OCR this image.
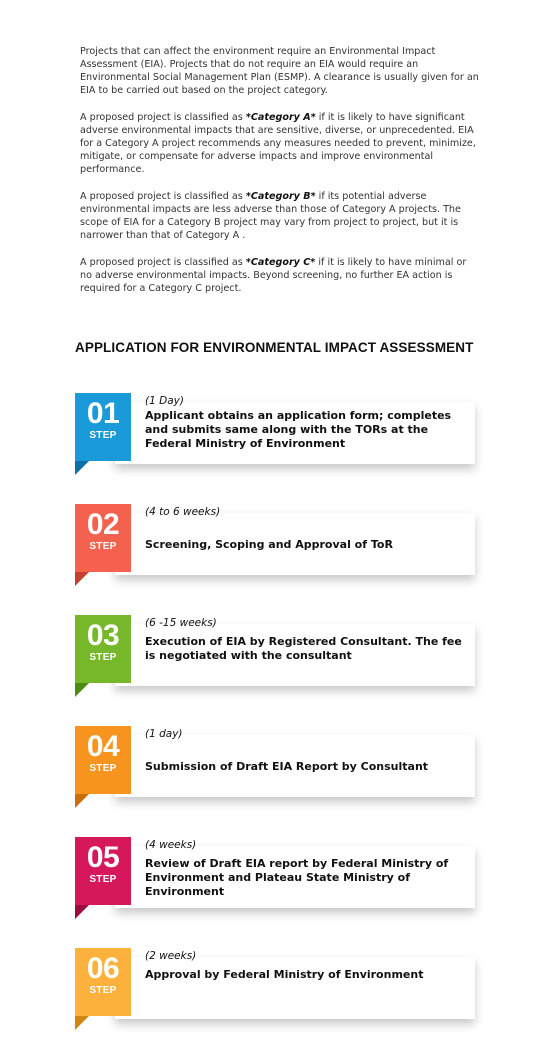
Projects that can affect the environment require an Environmental Impact Assessment (EIA). Projects that do not require an EIA would require an Environmental Social Management Plan (ESMP). A clearance is usually given for an EIA to be carried out based on the project category.

A proposed project is classified as *Category A* if it is likely to have significant adverse environmental impacts that are sensitive, diverse, or unprecedented. EIA for a Category A project recommends any measures needed to prevent, minimize, mitigate, or compensate for adverse impacts and improve environmental performance.

A proposed project is classified as *Category B* if its potential adverse environmental impacts are less adverse than those of Category A projects. The scope of EIA for a Category B project may vary from project to project, but it is narrower than that of Category A .

A proposed project is classified as *Category C* if it is likely to have minimal or no adverse environmental impacts. Beyond screening, no further EA action is required for a Category C project.

APPLICATION FOR ENVIRONMENTAL IMPACT ASSESSMENT
01
STEP
(1 Day)
Applicant obtains an application form; completes and submits same along with the TORs at the Federal Ministry of Environment
02
STEP
(4 to 6 weeks)
Screening, Scoping and Approval of ToR
03
STEP
(6 -15 weeks)
Execution of EIA by Registered Consultant. The fee is negotiated with the consultant
04
STEP
(1 day)
Submission of Draft EIA Report by Consultant
05
STEP
(4 weeks)
Review of Draft EIA report by Federal Ministry of Environment and Plateau State Ministry of Environment
06
STEP
(2 weeks)
Approval by Federal Ministry of Environment
